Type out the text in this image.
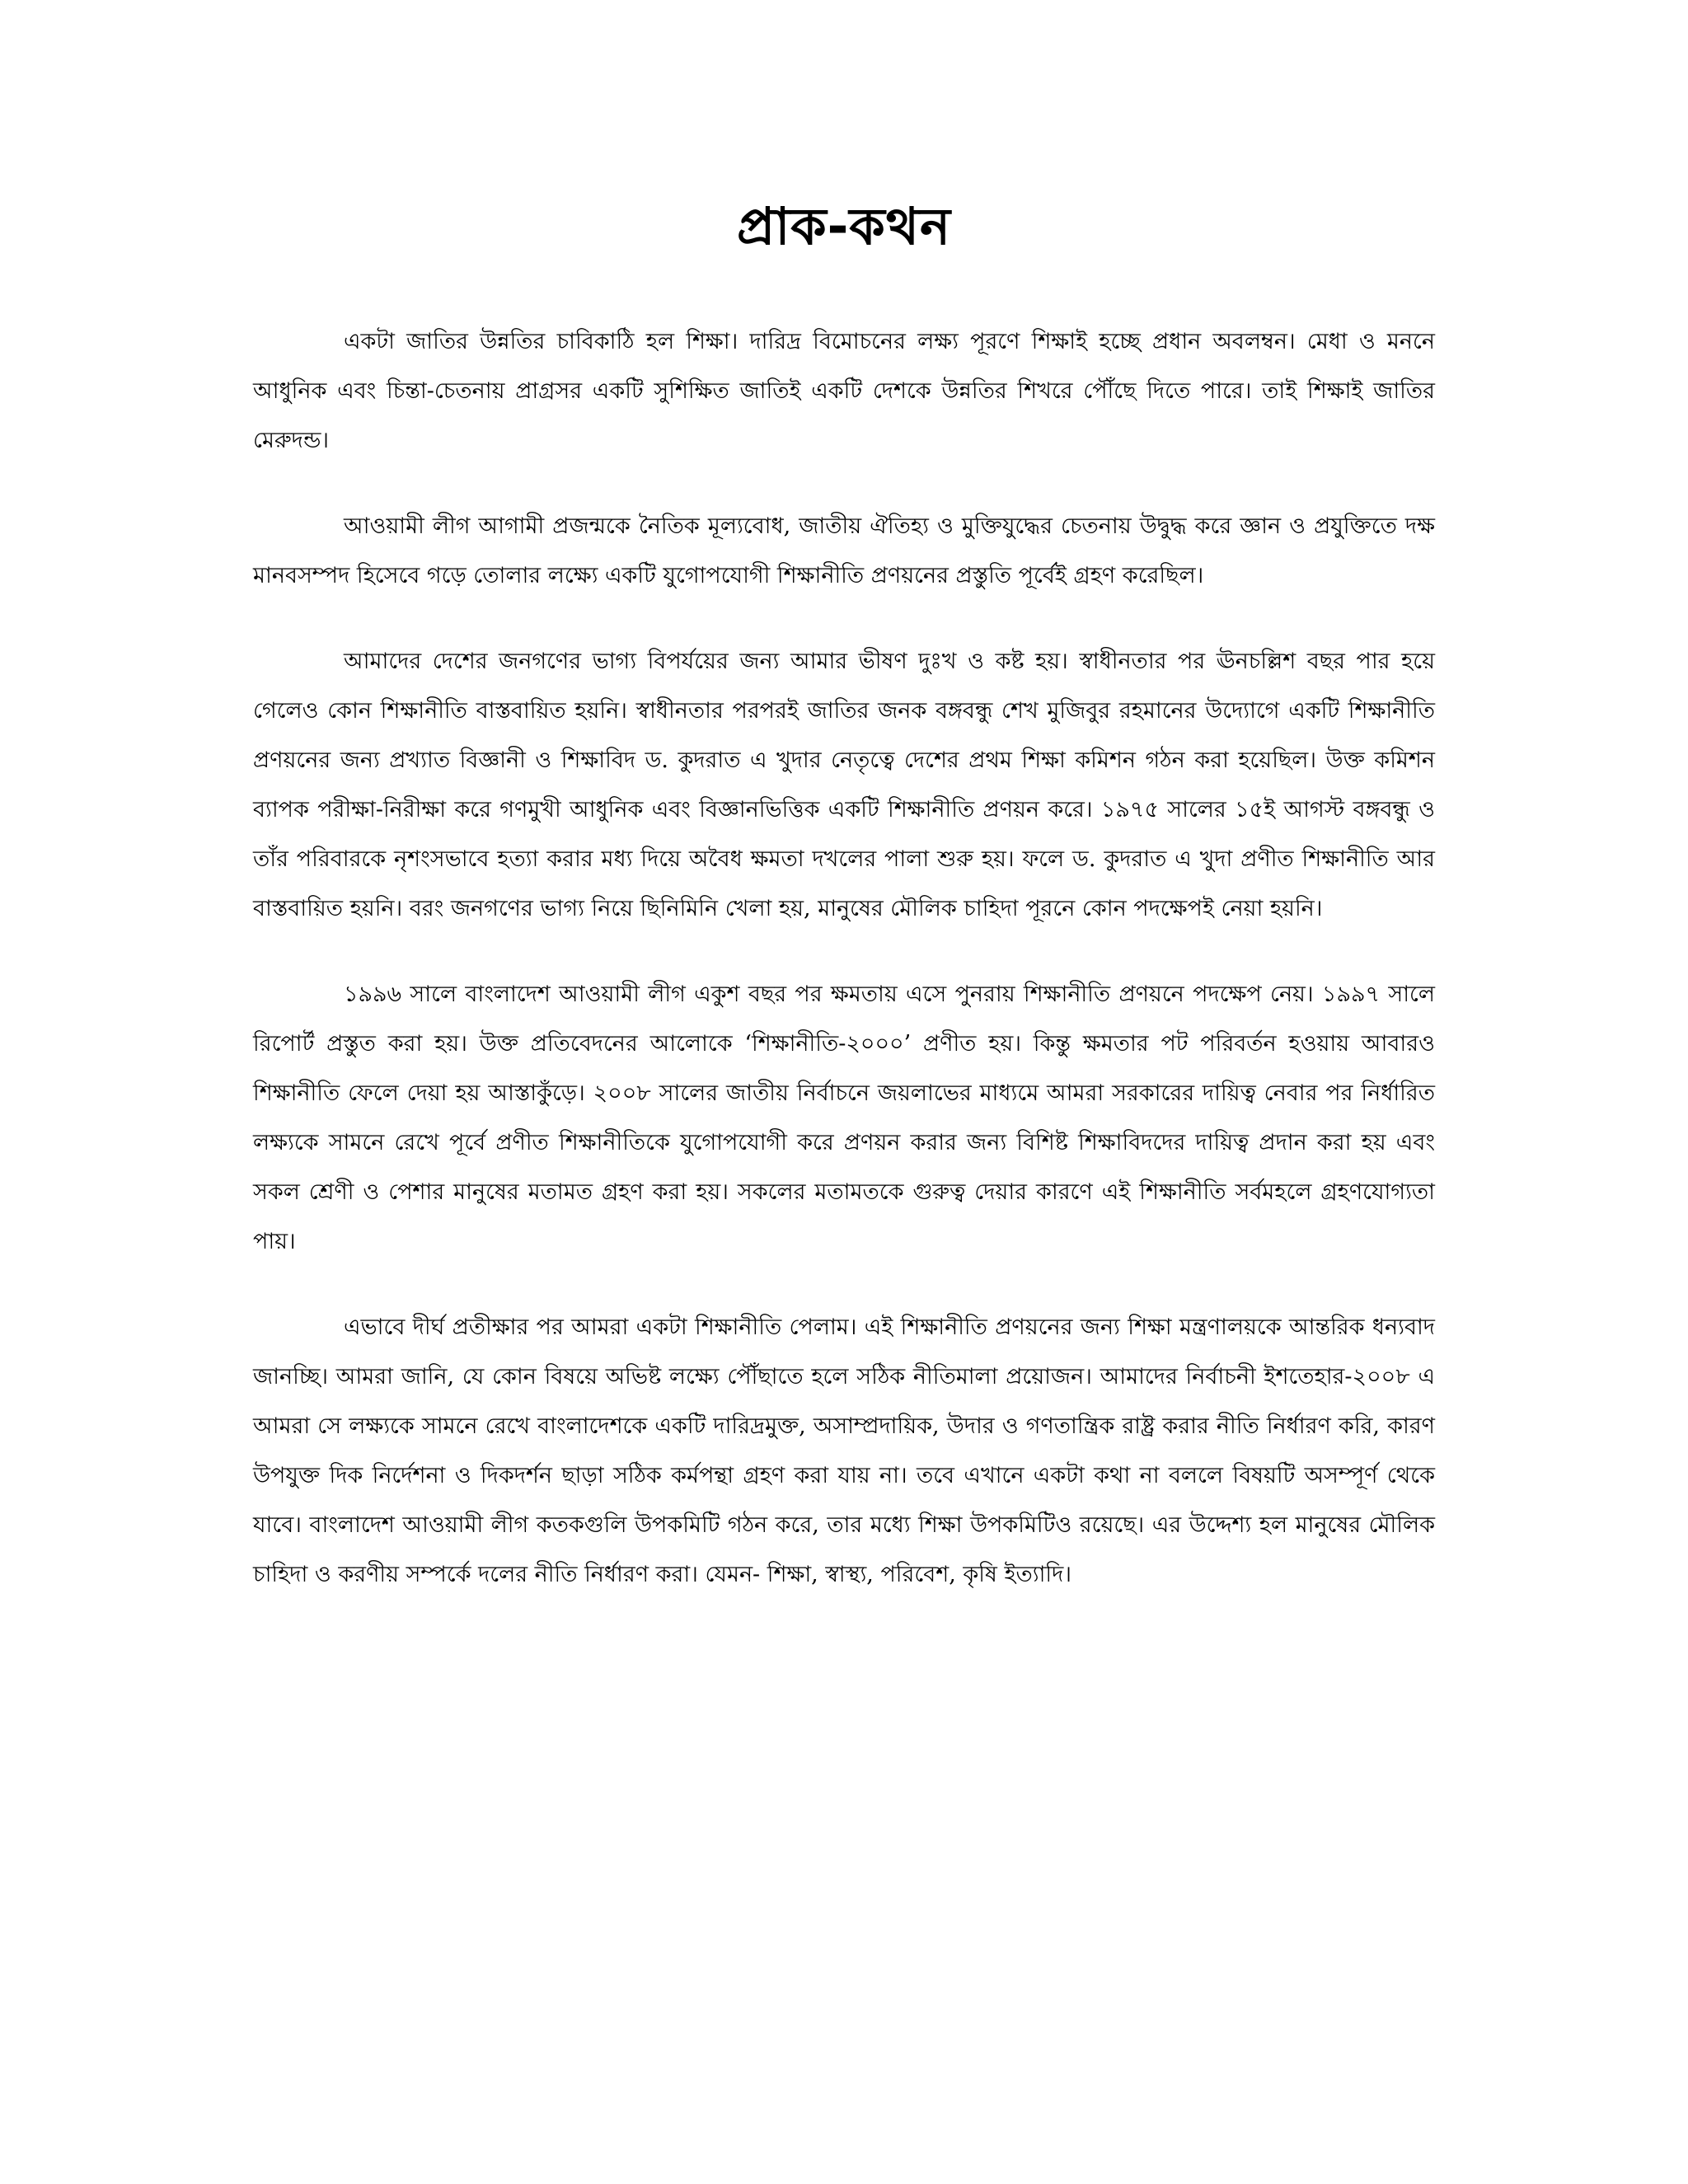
প্রাক-কথন

একটা জাতির উন্নতির চাবিকাঠি হল শিক্ষা। দারিদ্র বিমোচনের লক্ষ্য পূরণে শিক্ষাই হচ্ছে প্রধান অবলম্বন। মেধা ও মননে আধুনিক এবং চিন্তা-চেতনায় প্রাগ্রসর একটি সুশিক্ষিত জাতিই একটি দেশকে উন্নতির শিখরে পৌঁছে দিতে পারে। তাই শিক্ষাই জাতির মেরুদন্ড।

আওয়ামী লীগ আগামী প্রজন্মকে নৈতিক মূল্যবোধ, জাতীয় ঐতিহ্য ও মুক্তিযুদ্ধের চেতনায় উদ্বুদ্ধ করে জ্ঞান ও প্রযুক্তিতে দক্ষ মানবসম্পদ হিসেবে গড়ে তোলার লক্ষ্যে একটি যুগোপযোগী শিক্ষানীতি প্রণয়নের প্রস্তুতি পূর্বেই গ্রহণ করেছিল।

আমাদের দেশের জনগণের ভাগ্য বিপর্যয়ের জন্য আমার ভীষণ দুঃখ ও কষ্ট হয়। স্বাধীনতার পর ঊনচল্লিশ বছর পার হয়ে গেলেও কোন শিক্ষানীতি বাস্তবায়িত হয়নি। স্বাধীনতার পরপরই জাতির জনক বঙ্গবন্ধু শেখ মুজিবুর রহমানের উদ্যোগে একটি শিক্ষানীতি প্রণয়নের জন্য প্রখ্যাত বিজ্ঞানী ও শিক্ষাবিদ ড. কুদরাত এ খুদার নেতৃত্বে দেশের প্রথম শিক্ষা কমিশন গঠন করা হয়েছিল। উক্ত কমিশন ব্যাপক পরীক্ষা-নিরীক্ষা করে গণমুখী আধুনিক এবং বিজ্ঞানভিত্তিক একটি শিক্ষানীতি প্রণয়ন করে। ১৯৭৫ সালের ১৫ই আগস্ট বঙ্গবন্ধু ও তাঁর পরিবারকে নৃশংসভাবে হত্যা করার মধ্য দিয়ে অবৈধ ক্ষমতা দখলের পালা শুরু হয়। ফলে ড. কুদরাত এ খুদা প্রণীত শিক্ষানীতি আর বাস্তবায়িত হয়নি। বরং জনগণের ভাগ্য নিয়ে ছিনিমিনি খেলা হয়, মানুষের মৌলিক চাহিদা পূরনে কোন পদক্ষেপই নেয়া হয়নি।

১৯৯৬ সালে বাংলাদেশ আওয়ামী লীগ একুশ বছর পর ক্ষমতায় এসে পুনরায় শিক্ষানীতি প্রণয়নে পদক্ষেপ নেয়। ১৯৯৭ সালে রিপোর্ট প্রস্তুত করা হয়। উক্ত প্রতিবেদনের আলোকে ‘শিক্ষানীতি-২০০০’ প্রণীত হয়। কিন্তু ক্ষমতার পট পরিবর্তন হওয়ায় আবারও শিক্ষানীতি ফেলে দেয়া হয় আস্তাকুঁড়ে। ২০০৮ সালের জাতীয় নির্বাচনে জয়লাভের মাধ্যমে আমরা সরকারের দায়িত্ব নেবার পর নির্ধারিত লক্ষ্যকে সামনে রেখে পূর্বে প্রণীত শিক্ষানীতিকে যুগোপযোগী করে প্রণয়ন করার জন্য বিশিষ্ট শিক্ষাবিদদের দায়িত্ব প্রদান করা হয় এবং সকল শ্রেণী ও পেশার মানুষের মতামত গ্রহণ করা হয়। সকলের মতামতকে গুরুত্ব দেয়ার কারণে এই শিক্ষানীতি সর্বমহলে গ্রহণযোগ্যতা পায়।

এভাবে দীর্ঘ প্রতীক্ষার পর আমরা একটা শিক্ষানীতি পেলাম। এই শিক্ষানীতি প্রণয়নের জন্য শিক্ষা মন্ত্রণালয়কে আন্তরিক ধন্যবাদ জানচ্ছি। আমরা জানি, যে কোন বিষয়ে অভিষ্ট লক্ষ্যে পৌঁছাতে হলে সঠিক নীতিমালা প্রয়োজন। আমাদের নির্বাচনী ইশতেহার-২০০৮ এ আমরা সে লক্ষ্যকে সামনে রেখে বাংলাদেশকে একটি দারিদ্রমুক্ত, অসাম্প্রদায়িক, উদার ও গণতান্ত্রিক রাষ্ট্র করার নীতি নির্ধারণ করি, কারণ উপযুক্ত দিক নির্দেশনা ও দিকদর্শন ছাড়া সঠিক কর্মপন্থা গ্রহণ করা যায় না। তবে এখানে একটা কথা না বললে বিষয়টি অসম্পূর্ণ থেকে যাবে। বাংলাদেশ আওয়ামী লীগ কতকগুলি উপকমিটি গঠন করে, তার মধ্যে শিক্ষা উপকমিটিও রয়েছে। এর উদ্দেশ্য হল মানুষের মৌলিক চাহিদা ও করণীয় সম্পর্কে দলের নীতি নির্ধারণ করা। যেমন- শিক্ষা, স্বাস্থ্য, পরিবেশ, কৃষি ইত্যাদি।
